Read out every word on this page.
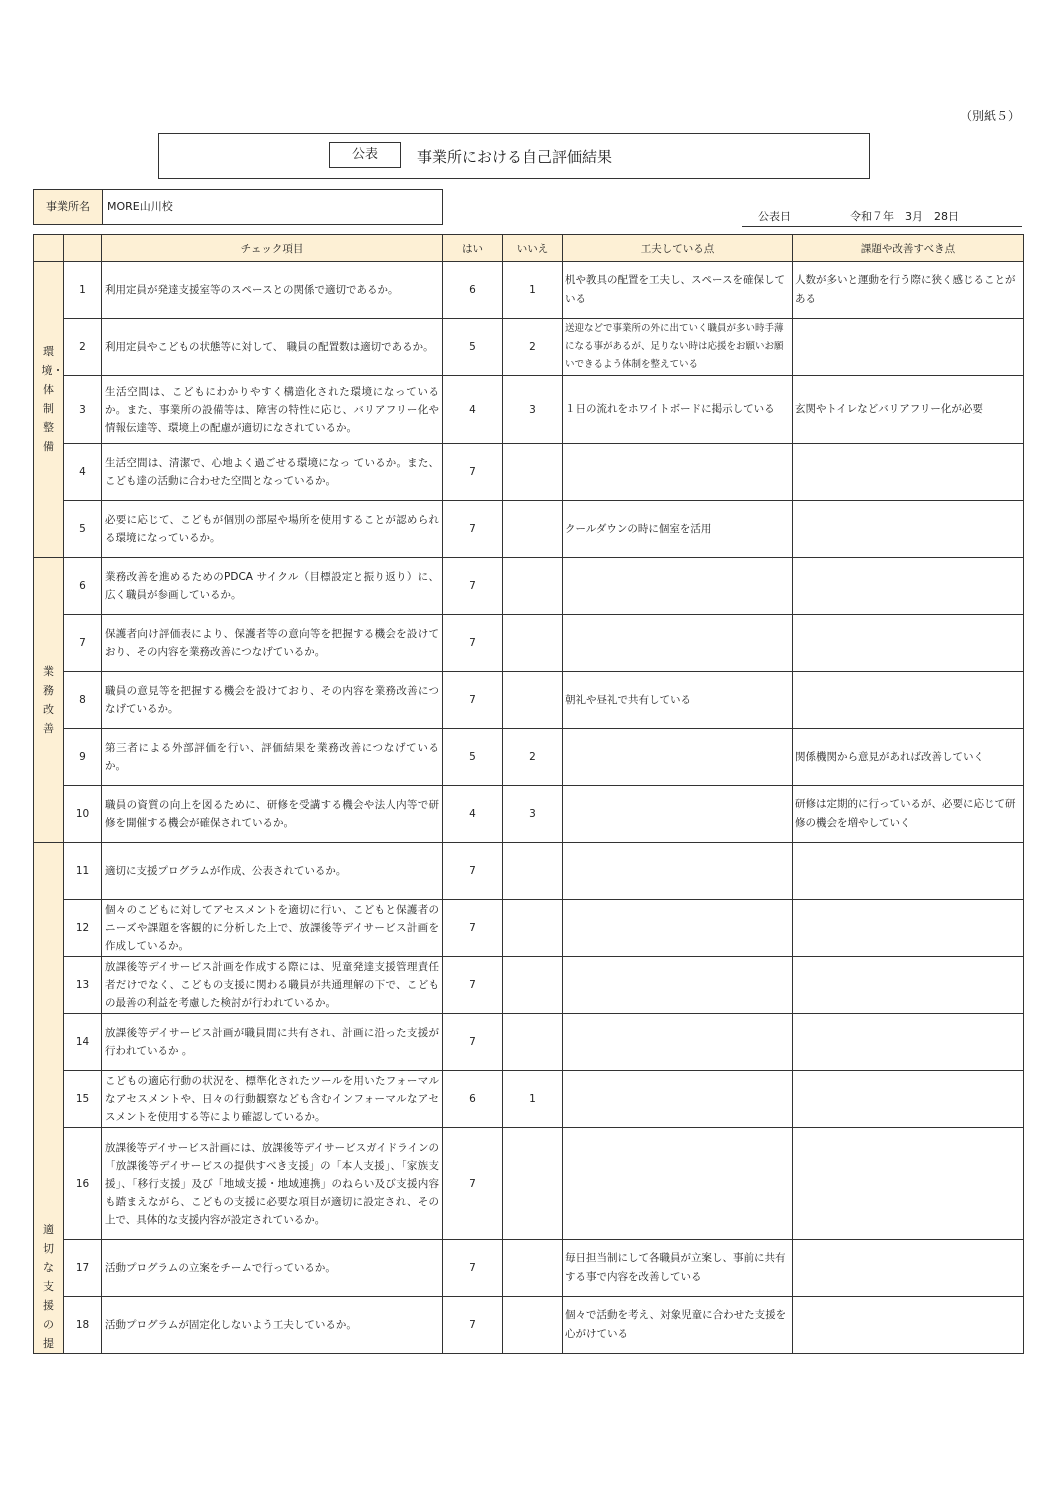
（別紙５）
公表	事業所における自己評価結果
事業所名	MORE山川校
公表日	令和７年　3月　28日
		チェック項目	はい	いいえ	工夫している点	課題や改善すべき点
環境・体制整備	1	利用定員が発達支援室等のスペースとの関係で適切であるか。	6	1	机や教具の配置を工夫し、スペースを確保している	人数が多いと運動を行う際に狭く感じることがある
	2	利用定員やこどもの状態等に対して、 職員の配置数は適切であるか。	5	2	送迎などで事業所の外に出ていく職員が多い時手薄になる事があるが、足りない時は応援をお願いお願いできるよう体制を整えている	
	3	生活空間は、こどもにわかりやすく構造化された環境になっているか。また、事業所の設備等は、障害の特性に応じ、バリアフリー化や情報伝達等、環境上の配慮が適切になされているか。	4	3	１日の流れをホワイトボードに掲示している	玄関やトイレなどバリアフリー化が必要
	4	生活空間は、清潔で、心地よく過ごせる環境になっ ているか。また、こども達の活動に合わせた空間となっているか。	7			
	5	必要に応じて、こどもが個別の部屋や場所を使用することが認められる環境になっているか。	7		クールダウンの時に個室を活用	
業務改善	6	業務改善を進めるためのPDCA サイクル（目標設定と振り返り）に、広く職員が参画しているか。	7			
	7	保護者向け評価表により、保護者等の意向等を把握する機会を設けており、その内容を業務改善につなげているか。	7			
	8	職員の意見等を把握する機会を設けており、その内容を業務改善につなげているか。	7		朝礼や昼礼で共有している	
	9	第三者による外部評価を行い、評価結果を業務改善につなげているか。	5	2		関係機関から意見があれば改善していく
	10	職員の資質の向上を図るために、研修を受講する機会や法人内等で研修を開催する機会が確保されているか。	4	3		研修は定期的に行っているが、必要に応じて研修の機会を増やしていく
適切な支援の提	11	適切に支援プログラムが作成、公表されているか。	7			
	12	個々のこどもに対してアセスメントを適切に行い、こどもと保護者のニーズや課題を客観的に分析した上で、放課後等デイサービス計画を作成しているか。	7			
	13	放課後等デイサービス計画を作成する際には、児童発達支援管理責任者だけでなく、こどもの支援に関わる職員が共通理解の下で、こどもの最善の利益を考慮した検討が行われているか。	7			
	14	放課後等デイサービス計画が職員間に共有され、計画に沿った支援が行われているか 。	7			
	15	こどもの適応行動の状況を、標準化されたツールを用いたフォーマルなアセスメントや、日々の行動観察なども含むインフォーマルなアセスメントを使用する等により確認しているか。	6	1		
	16	放課後等デイサービス計画には、放課後等デイサービスガイドラインの「放課後等デイサービスの提供すべき支援」の「本人支援」、「家族支援」、「移行支援」及び「地域支援・地域連携」のねらい及び支援内容も踏まえながら、こどもの支援に必要な項目が適切に設定され、その上で、具体的な支援内容が設定されているか。	7			
	17	活動プログラムの立案をチームで行っているか。	7		毎日担当制にして各職員が立案し、事前に共有する事で内容を改善している	
	18	活動プログラムが固定化しないよう工夫しているか。	7		個々で活動を考え、対象児童に合わせた支援を心がけている	
